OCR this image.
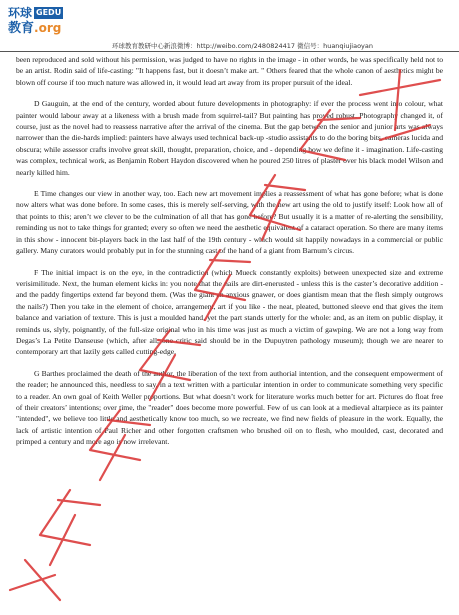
环球 GEDU
教育 .org
环球教育教研中心新浪微博：http://weibo.com/2480824417 微信号：huanqiujiaoyan

been reproduced and sold without his permission, was judged to have no rights in the image - in other words, he was specifically held not to be an artist. Rodin said of life-casting: "It happens fast, but it doesn’t make art. " Others feared that the whole canon of aesthetics might be blown off course if too much nature was allowed in, it would lead art away from its proper pursuit of the ideal.

D Gauguin, at the end of the century, worded about future developments in photography: if ever the process went into colour, what painter would labour away at a likeness with a brush made from squirrel-tail? But painting has proved robust. Photography changed it, of course, just as the novel had to reassess narrative after the arrival of the cinema. But the gap between the senior and junior arts was always narrower than the die-hards implied: painters have always used technical back-up -studio assistants to do the boring bits, cameras lucida and obscura; while assessor crafts involve great skill, thought, preparation, choice, and - depending how we define it - imagination. Life-casting was complex, technical work, as Benjamin Robert Haydon discovered when he poured 250 litres of plaster over his black model Wilson and nearly killed him.

E Time changes our view in another way, too. Each new art movement implies a reassessment of what has gone before; what is done now alters what was done before. In some cases, this is merely self-serving, with the new art using the old to justify itself: Look how all of that points to this; aren’t we clever to be the culmination of all that has gone before? But usually it is a matter of re-alerting the sensibility, reminding us not to take things for granted; every so often we need the aesthetic equivalent of a cataract operation. So there are many items in this show - innocent bit-players back in the last half of the 19th century - which would sit happily nowadays in a commercial or public gallery. Many curators would probably put in for the stunning cast of the hand of a giant from Barnum’s circus.

F The initial impact is on the eye, in the contradiction (which Mueck constantly exploits) between unexpected size and extreme verisimilitude. Next, the human element kicks in: you note that the nails are dirt-enerusted - unless this is the caster’s decorative addition - and the paddy fingertips extend far beyond them. (Was the giant an anxious gnawer, or does giantism mean that the flesh simply outgrows the nails?) Then you take in the element of choice, arrangement, art if you like - the neat, pleated, buttoned sleeve end that gives the item balance and variation of texture. This is just a moulded hand, yet the part stands utterly for the whole: and, as an item on public display, it reminds us, slyly, poignantly, of the full-size original who in his time was just as much a victim of gawping. We are not a long way from Degas’s La Petite Danseuse (which, after all, one critic said should be in the Dupuytren pathology museum); though we are nearer to contemporary art that lazily gets called cutting-edge.

G Barthes proclaimed the death of the author, the liberation of the text from authorial intention, and the consequent empowerment of the reader; he announced this, needless to say, in a text written with a particular intention in order to communicate something very specific to a reader. An own goal of Keith Weller proportions. But what doesn’t work for literature works much better for art. Pictures do float free of their creators’ intentions; over time, the "reader" does become more powerful. Few of us can look at a medieval altarpiece as its painter "intended", we believe too little and aesthetically know too much, so we recreate, we find new fields of pleasure in the work. Equally, the lack of artistic intention of Paul Richer and other forgotten craftsmen who brushed oil on to flesh, who moulded, cast, decorated and primped a century and more ago is now irrelevant.

环球教育雅思
